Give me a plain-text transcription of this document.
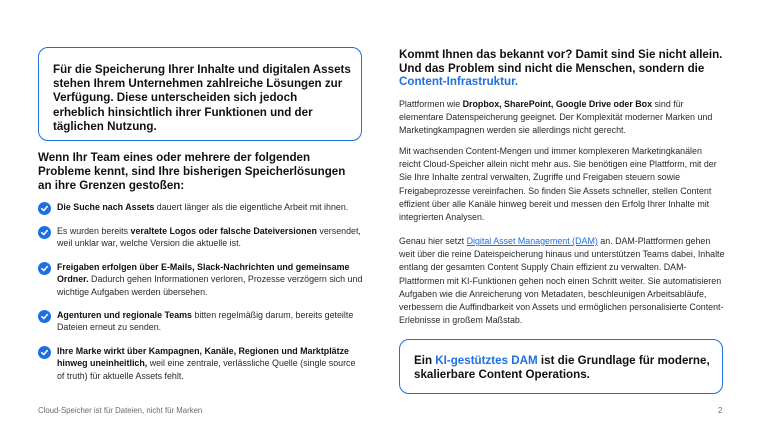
Für die Speicherung Ihrer Inhalte und digitalen Assets stehen Ihrem Unternehmen zahlreiche Lösungen zur Verfügung. Diese unterscheiden sich jedoch erheblich hinsichtlich ihrer Funktionen und der täglichen Nutzung.

Wenn Ihr Team eines oder mehrere der folgenden Probleme kennt, sind Ihre bisherigen Speicherlösungen an ihre Grenzen gestoßen:

Die Suche nach Assets dauert länger als die eigentliche Arbeit mit ihnen.
Es wurden bereits veraltete Logos oder falsche Dateiversionen versendet, weil unklar war, welche Version die aktuelle ist.
Freigaben erfolgen über E-Mails, Slack-Nachrichten und gemeinsame Ordner. Dadurch gehen Informationen verloren, Prozesse verzögern sich und wichtige Aufgaben werden übersehen.
Agenturen und regionale Teams bitten regelmäßig darum, bereits geteilte Dateien erneut zu senden.
Ihre Marke wirkt über Kampagnen, Kanäle, Regionen und Marktplätze hinweg uneinheitlich, weil eine zentrale, verlässliche Quelle (single source of truth) für aktuelle Assets fehlt.
Kommt Ihnen das bekannt vor? Damit sind Sie nicht allein. Und das Problem sind nicht die Menschen, sondern die Content-Infrastruktur.

Plattformen wie Dropbox, SharePoint, Google Drive oder Box sind für elementare Datenspeicherung geeignet. Der Komplexität moderner Marken und Marketingkampagnen werden sie allerdings nicht gerecht.

Mit wachsenden Content-Mengen und immer komplexeren Marketingkanälen reicht Cloud-Speicher allein nicht mehr aus. Sie benötigen eine Plattform, mit der Sie Ihre Inhalte zentral verwalten, Zugriffe und Freigaben steuern sowie Freigabeprozesse vereinfachen. So finden Sie Assets schneller, stellen Content effizient über alle Kanäle hinweg bereit und messen den Erfolg Ihrer Inhalte mit integrierten Analysen.

Genau hier setzt Digital Asset Management (DAM) an. DAM-Plattformen gehen weit über die reine Dateispeicherung hinaus und unterstützen Teams dabei, Inhalte entlang der gesamten Content Supply Chain effizient zu verwalten. DAM-Plattformen mit KI-Funktionen gehen noch einen Schritt weiter. Sie automatisieren Aufgaben wie die Anreicherung von Metadaten, beschleunigen Arbeitsabläufe, verbessern die Auffindbarkeit von Assets und ermöglichen personalisierte Content-Erlebnisse in großem Maßstab.

Ein KI-gestütztes DAM ist die Grundlage für moderne, skalierbare Content Operations.

Cloud-Speicher ist für Dateien, nicht für Marken	2
